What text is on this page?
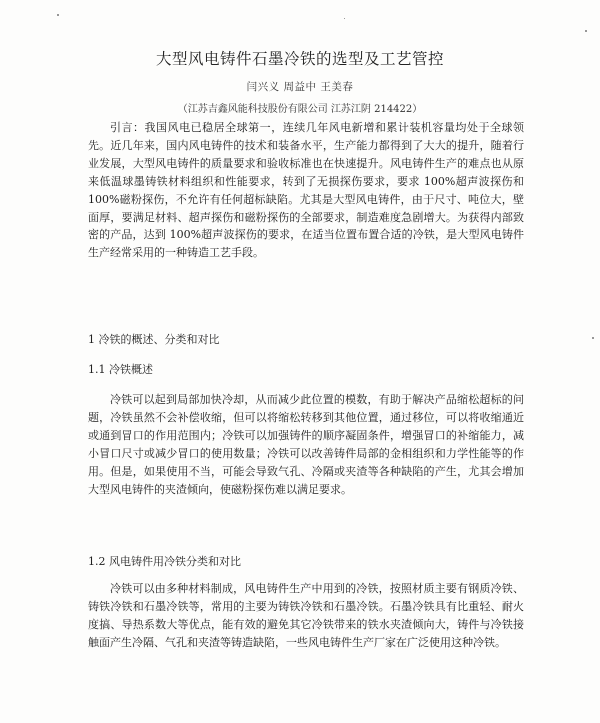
大型风电铸件石墨冷铁的选型及工艺管控
闫兴义 周益中 王美春
（江苏吉鑫风能科技股份有限公司 江苏江阴 214422）
引言：我国风电已稳居全球第一，连续几年风电新增和累计装机容量均处于全球领先。近几年来，国内风电铸件的技术和装备水平，生产能力都得到了大大的提升，随着行业发展，大型风电铸件的质量要求和验收标准也在快速提升。风电铸件生产的难点也从原来低温球墨铸铁材料组织和性能要求，转到了无损探伤要求，要求 100%超声波探伤和 100%磁粉探伤，不允许有任何超标缺陷。尤其是大型风电铸件，由于尺寸、吨位大，壁面厚，要满足材料、超声探伤和磁粉探伤的全部要求，制造难度急剧增大。为获得内部致密的产品，达到 100%超声波探伤的要求，在适当位置布置合适的冷铁，是大型风电铸件生产经常采用的一种铸造工艺手段。
1 冷铁的概述、分类和对比
1.1 冷铁概述
冷铁可以起到局部加快冷却，从而减少此位置的模数，有助于解决产品缩松超标的问题，冷铁虽然不会补偿收缩，但可以将缩松转移到其他位置，通过移位，可以将收缩通近或通到冒口的作用范围内；冷铁可以加强铸件的顺序凝固条件，增强冒口的补缩能力，减小冒口尺寸或减少冒口的使用数量；冷铁可以改善铸件局部的金相组织和力学性能等的作用。但是，如果使用不当，可能会导致气孔、冷隔或夹渣等各种缺陷的产生，尤其会增加大型风电铸件的夹渣倾向，使磁粉探伤难以满足要求。
1.2 风电铸件用冷铁分类和对比
冷铁可以由多种材料制成，风电铸件生产中用到的冷铁，按照材质主要有钢质冷铁、铸铁冷铁和石墨冷铁等，常用的主要为铸铁冷铁和石墨冷铁。石墨冷铁具有比重轻、耐火度搞、导热系数大等优点，能有效的避免其它冷铁带来的铁水夹渣倾向大，铸件与冷铁接触面产生冷隔、气孔和夹渣等铸造缺陷，一些风电铸件生产厂家在广泛使用这种冷铁。
